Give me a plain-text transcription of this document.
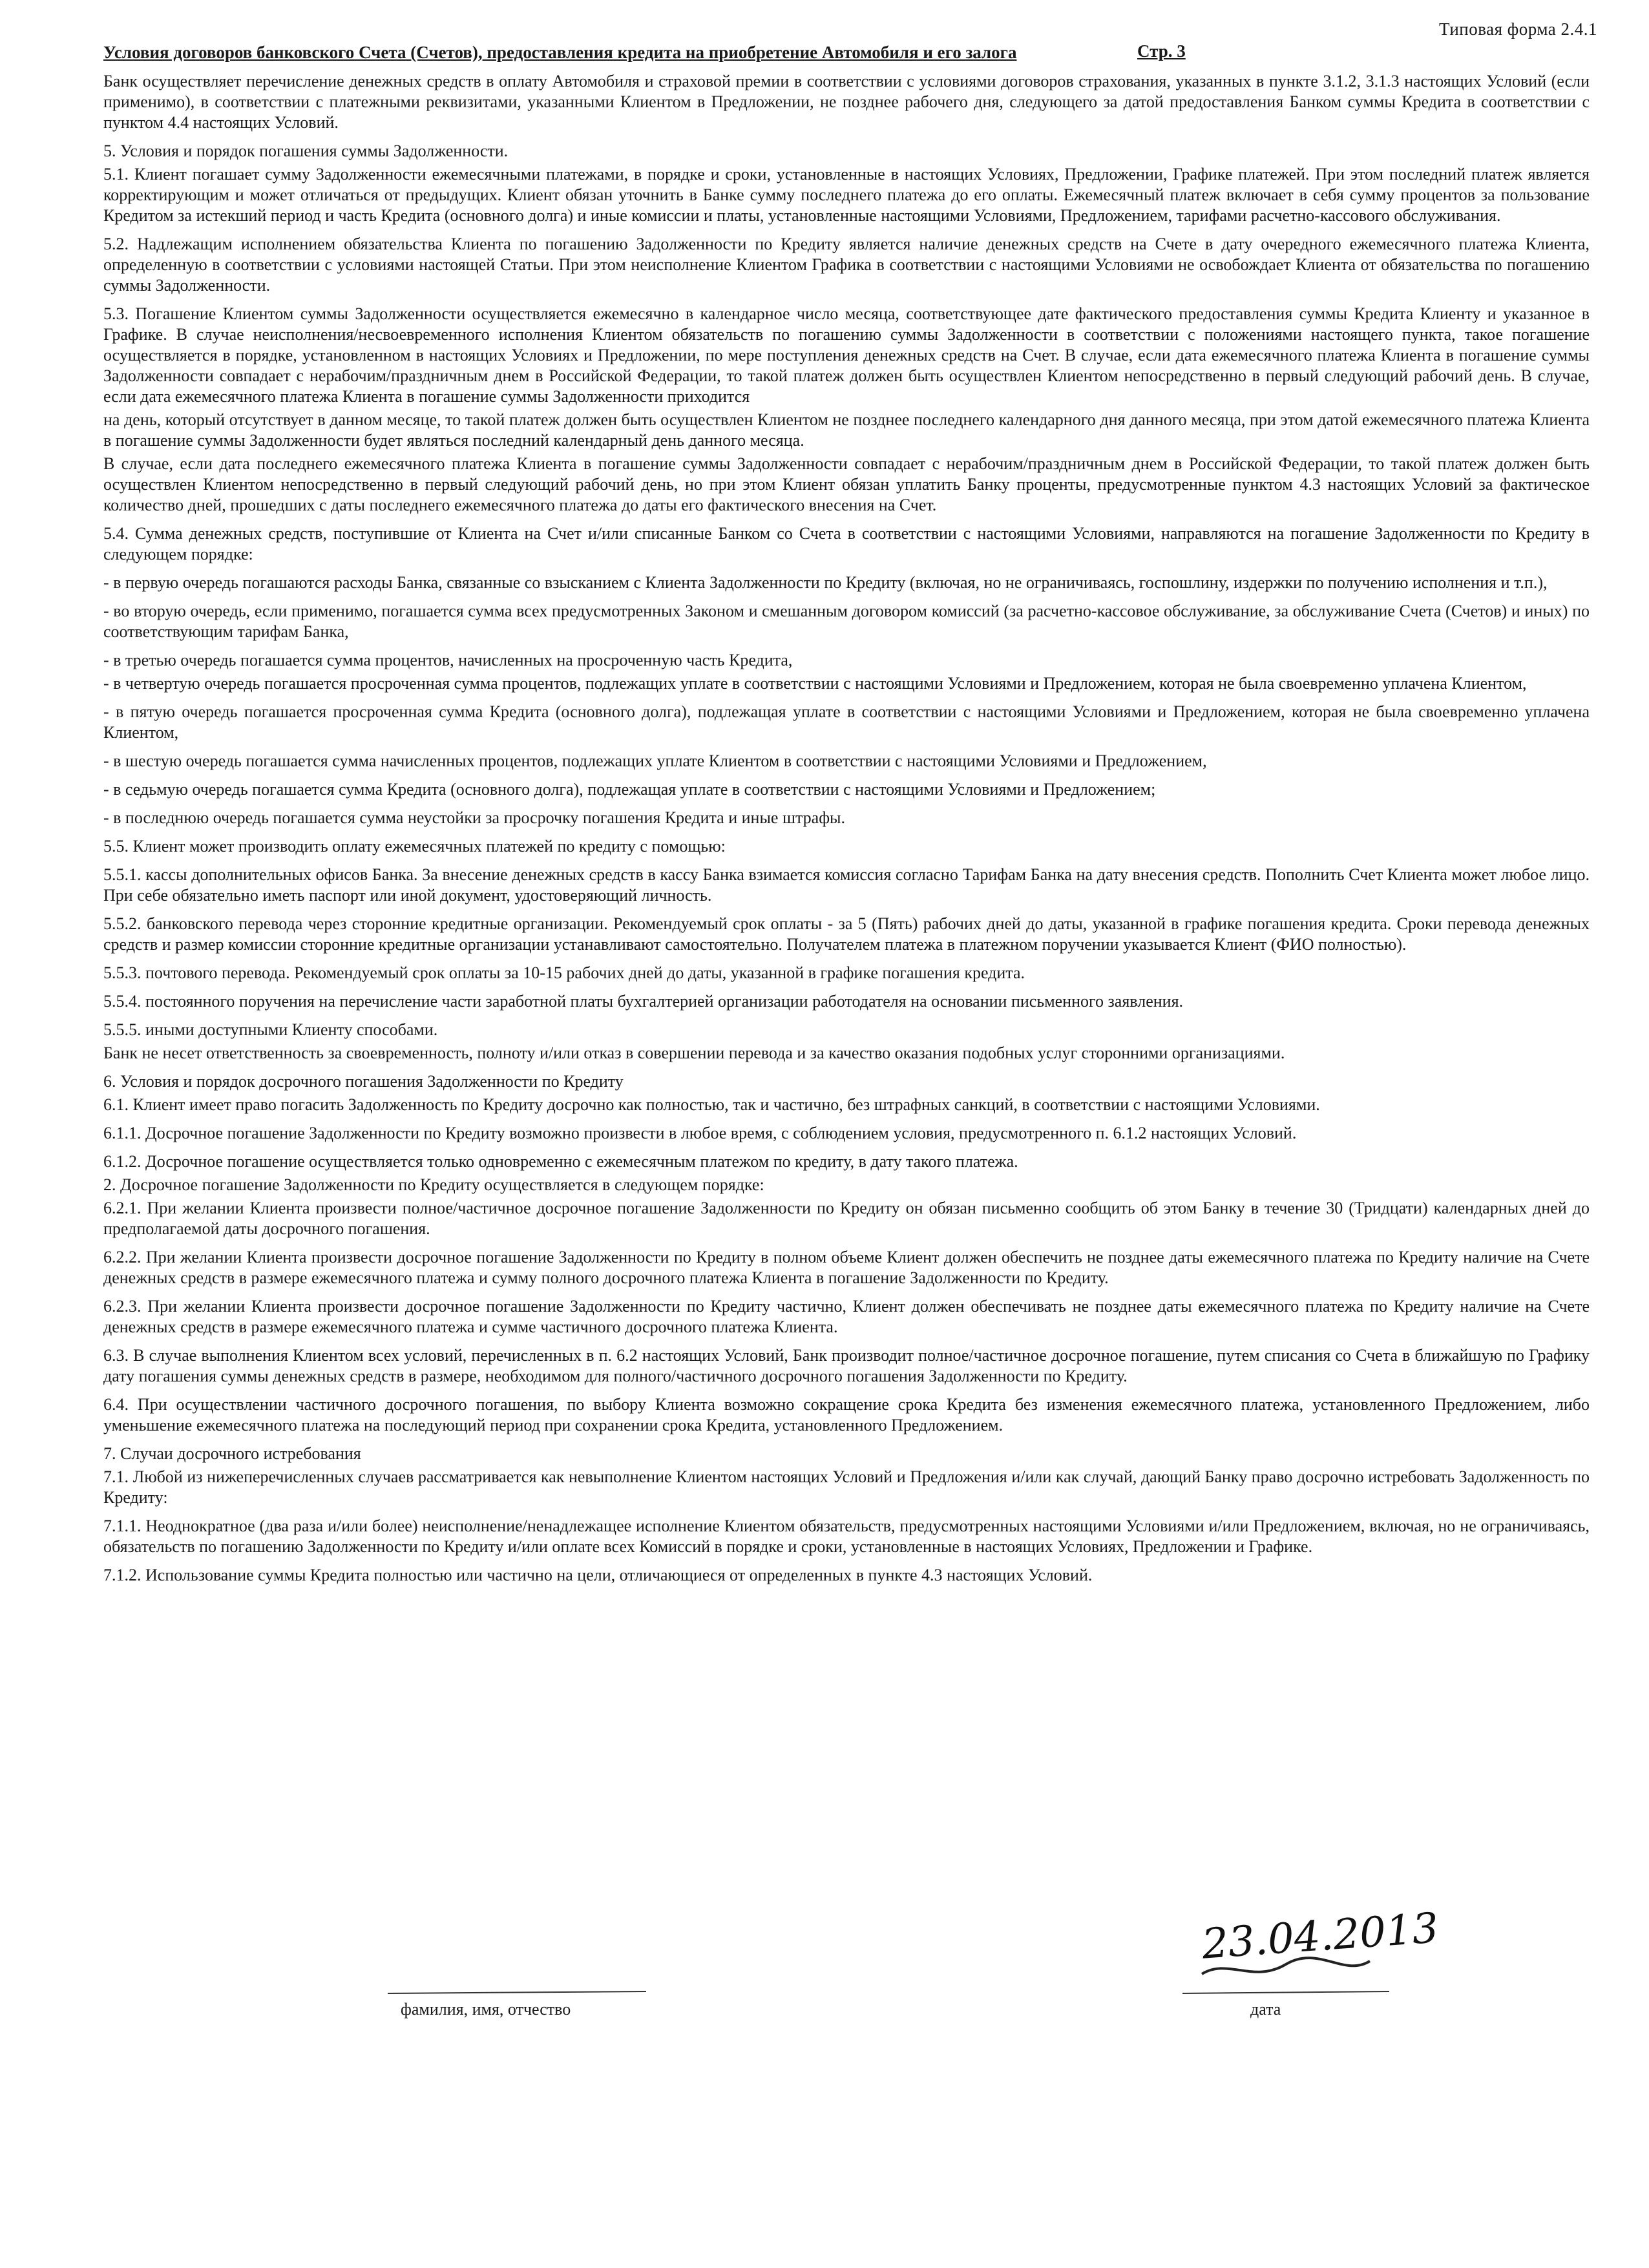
Типовая форма 2.4.1
Стр. 3
Условия договоров банковского Счета (Счетов), предоставления кредита на приобретение Автомобиля и его залога
Банк осуществляет перечисление денежных средств в оплату Автомобиля и страховой премии в соответствии с условиями договоров страхования, указанных в пункте 3.1.2, 3.1.3 настоящих Условий (если применимо), в соответствии с платежными реквизитами, указанными Клиентом в Предложении, не позднее рабочего дня, следующего за датой предоставления Банком суммы Кредита в соответствии с пунктом 4.4 настоящих Условий.
5. Условия и порядок погашения суммы Задолженности.
5.1. Клиент погашает сумму Задолженности ежемесячными платежами, в порядке и сроки, установленные в настоящих Условиях, Предложении, Графике платежей. При этом последний платеж является корректирующим и может отличаться от предыдущих. Клиент обязан уточнить в Банке сумму последнего платежа до его оплаты. Ежемесячный платеж включает в себя сумму процентов за пользование Кредитом за истекший период и часть Кредита (основного долга) и иные комиссии и платы, установленные настоящими Условиями, Предложением, тарифами расчетно-кассового обслуживания.
5.2. Надлежащим исполнением обязательства Клиента по погашению Задолженности по Кредиту является наличие денежных средств на Счете в дату очередного ежемесячного платежа Клиента, определенную в соответствии с условиями настоящей Статьи. При этом неисполнение Клиентом Графика в соответствии с настоящими Условиями не освобождает Клиента от обязательства по погашению суммы Задолженности.
5.3. Погашение Клиентом суммы Задолженности осуществляется ежемесячно в календарное число месяца, соответствующее дате фактического предоставления суммы Кредита Клиенту и указанное в Графике. В случае неисполнения/несвоевременного исполнения Клиентом обязательств по погашению суммы Задолженности в соответствии с положениями настоящего пункта, такое погашение осуществляется в порядке, установленном в настоящих Условиях и Предложении, по мере поступления денежных средств на Счет. В случае, если дата ежемесячного платежа Клиента в погашение суммы Задолженности совпадает с нерабочим/праздничным днем в Российской Федерации, то такой платеж должен быть осуществлен Клиентом непосредственно в первый следующий рабочий день. В случае, если дата ежемесячного платежа Клиента в погашение суммы Задолженности приходится
на день, который отсутствует в данном месяце, то такой платеж должен быть осуществлен Клиентом не позднее последнего календарного дня данного месяца, при этом датой ежемесячного платежа Клиента в погашение суммы Задолженности будет являться последний календарный день данного месяца.
В случае, если дата последнего ежемесячного платежа Клиента в погашение суммы Задолженности совпадает с нерабочим/праздничным днем в Российской Федерации, то такой платеж должен быть осуществлен Клиентом непосредственно в первый следующий рабочий день, но при этом Клиент обязан уплатить Банку проценты, предусмотренные пунктом 4.3 настоящих Условий за фактическое количество дней, прошедших с даты последнего ежемесячного платежа до даты его фактического внесения на Счет.
5.4. Сумма денежных средств, поступившие от Клиента на Счет и/или списанные Банком со Счета в соответствии с настоящими Условиями, направляются на погашение Задолженности по Кредиту в следующем порядке:
- в первую очередь погашаются расходы Банка, связанные со взысканием с Клиента Задолженности по Кредиту (включая, но не ограничиваясь, госпошлину, издержки по получению исполнения и т.п.),
- во вторую очередь, если применимо, погашается сумма всех предусмотренных Законом и смешанным договором комиссий (за расчетно-кассовое обслуживание, за обслуживание Счета (Счетов) и иных) по соответствующим тарифам Банка,
- в третью очередь погашается сумма процентов, начисленных на просроченную часть Кредита,
- в четвертую очередь погашается просроченная сумма процентов, подлежащих уплате в соответствии с настоящими Условиями и Предложением, которая не была своевременно уплачена Клиентом,
- в пятую очередь погашается просроченная сумма Кредита (основного долга), подлежащая уплате в соответствии с настоящими Условиями и Предложением, которая не была своевременно уплачена Клиентом,
- в шестую очередь погашается сумма начисленных процентов, подлежащих уплате Клиентом в соответствии с настоящими Условиями и Предложением,
- в седьмую очередь погашается сумма Кредита (основного долга), подлежащая уплате в соответствии с настоящими Условиями и Предложением;
- в последнюю очередь погашается сумма неустойки за просрочку погашения Кредита и иные штрафы.
5.5. Клиент может производить оплату ежемесячных платежей по кредиту с помощью:
5.5.1. кассы дополнительных офисов Банка. За внесение денежных средств в кассу Банка взимается комиссия согласно Тарифам Банка на дату внесения средств. Пополнить Счет Клиента может любое лицо. При себе обязательно иметь паспорт или иной документ, удостоверяющий личность.
5.5.2. банковского перевода через сторонние кредитные организации. Рекомендуемый срок оплаты - за 5 (Пять) рабочих дней до даты, указанной в графике погашения кредита. Сроки перевода денежных средств и размер комиссии сторонние кредитные организации устанавливают самостоятельно. Получателем платежа в платежном поручении указывается Клиент (ФИО полностью).
5.5.3. почтового перевода. Рекомендуемый срок оплаты за 10-15 рабочих дней до даты, указанной в графике погашения кредита.
5.5.4. постоянного поручения на перечисление части заработной платы бухгалтерией организации работодателя на основании письменного заявления.
5.5.5. иными доступными Клиенту способами.
Банк не несет ответственность за своевременность, полноту и/или отказ в совершении перевода и за качество оказания подобных услуг сторонними организациями.
6. Условия и порядок досрочного погашения Задолженности по Кредиту
6.1. Клиент имеет право погасить Задолженность по Кредиту досрочно как полностью, так и частично, без штрафных санкций, в соответствии с настоящими Условиями.
6.1.1. Досрочное погашение Задолженности по Кредиту возможно произвести в любое время, с соблюдением условия, предусмотренного п. 6.1.2 настоящих Условий.
6.1.2. Досрочное погашение осуществляется только одновременно с ежемесячным платежом по кредиту, в дату такого платежа.
2. Досрочное погашение Задолженности по Кредиту осуществляется в следующем порядке:
6.2.1. При желании Клиента произвести полное/частичное досрочное погашение Задолженности по Кредиту он обязан письменно сообщить об этом Банку в течение 30 (Тридцати) календарных дней до предполагаемой даты досрочного погашения.
6.2.2. При желании Клиента произвести досрочное погашение Задолженности по Кредиту в полном объеме Клиент должен обеспечить не позднее даты ежемесячного платежа по Кредиту наличие на Счете денежных средств в размере ежемесячного платежа и сумму полного досрочного платежа Клиента в погашение Задолженности по Кредиту.
6.2.3. При желании Клиента произвести досрочное погашение Задолженности по Кредиту частично, Клиент должен обеспечивать не позднее даты ежемесячного платежа по Кредиту наличие на Счете денежных средств в размере ежемесячного платежа и сумме частичного досрочного платежа Клиента.
6.3. В случае выполнения Клиентом всех условий, перечисленных в п. 6.2 настоящих Условий, Банк производит полное/частичное досрочное погашение, путем списания со Счета в ближайшую по Графику дату погашения суммы денежных средств в размере, необходимом для полного/частичного досрочного погашения Задолженности по Кредиту.
6.4. При осуществлении частичного досрочного погашения, по выбору Клиента возможно сокращение срока Кредита без изменения ежемесячного платежа, установленного Предложением, либо уменьшение ежемесячного платежа на последующий период при сохранении срока Кредита, установленного Предложением.
7. Случаи досрочного истребования
7.1. Любой из нижеперечисленных случаев рассматривается как невыполнение Клиентом настоящих Условий и Предложения и/или как случай, дающий Банку право досрочно истребовать Задолженность по Кредиту:
7.1.1. Неоднократное (два раза и/или более) неисполнение/ненадлежащее исполнение Клиентом обязательств, предусмотренных настоящими Условиями и/или Предложением, включая, но не ограничиваясь, обязательств по погашению Задолженности по Кредиту и/или оплате всех Комиссий в порядке и сроки, установленные в настоящих Условиях, Предложении и Графике.
7.1.2. Использование суммы Кредита полностью или частично на цели, отличающиеся от определенных в пункте 4.3 настоящих Условий.
23.04.2013
фамилия, имя, отчество	дата
